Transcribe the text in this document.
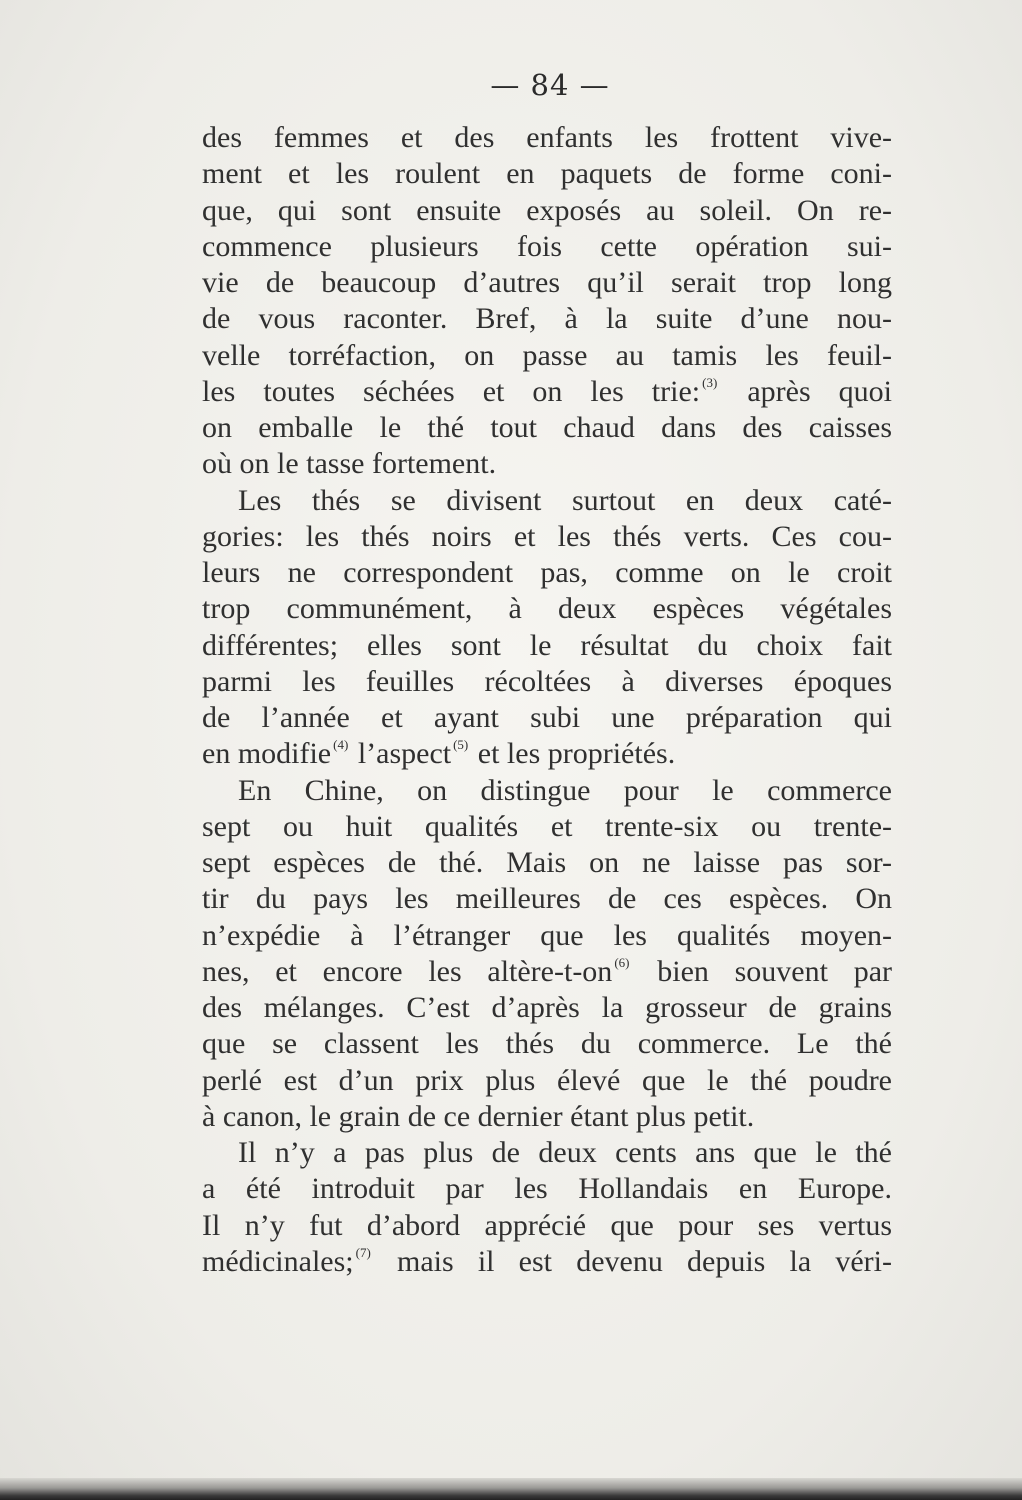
— 84 —
des femmes et des enfants les frottent vive-
ment et les roulent en paquets de forme coni-
que, qui sont ensuite exposés au soleil. On re-
commence plusieurs fois cette opération sui-
vie de beaucoup d’autres qu’il serait trop long
de vous raconter. Bref, à la suite d’une nou-
velle torréfaction, on passe au tamis les feuil-
les toutes séchées et on les trie: $^{(3)}$ après quoi
on emballe le thé tout chaud dans des caisses
où on le tasse fortement.
Les thés se divisent surtout en deux caté-
gories: les thés noirs et les thés verts. Ces cou-
leurs ne correspondent pas, comme on le croit
trop communément, à deux espèces végétales
différentes; elles sont le résultat du choix fait
parmi les feuilles récoltées à diverses époques
de l’année et ayant subi une préparation qui
en modifie $^{(4)}$ l’aspect $^{(5)}$ et les propriétés.
En Chine, on distingue pour le commerce
sept ou huit qualités et trente-six ou trente-
sept espèces de thé. Mais on ne laisse pas sor-
tir du pays les meilleures de ces espèces. On
n’expédie à l’étranger que les qualités moyen-
nes, et encore les altère-t-on $^{(6)}$ bien souvent par
des mélanges. C’est d’après la grosseur de grains
que se classent les thés du commerce. Le thé
perlé est d’un prix plus élevé que le thé poudre
à canon, le grain de ce dernier étant plus petit.
Il n’y a pas plus de deux cents ans que le thé
a été introduit par les Hollandais en Europe.
Il n’y fut d’abord apprécié que pour ses vertus
médicinales; $^{(7)}$ mais il est devenu depuis la véri-
